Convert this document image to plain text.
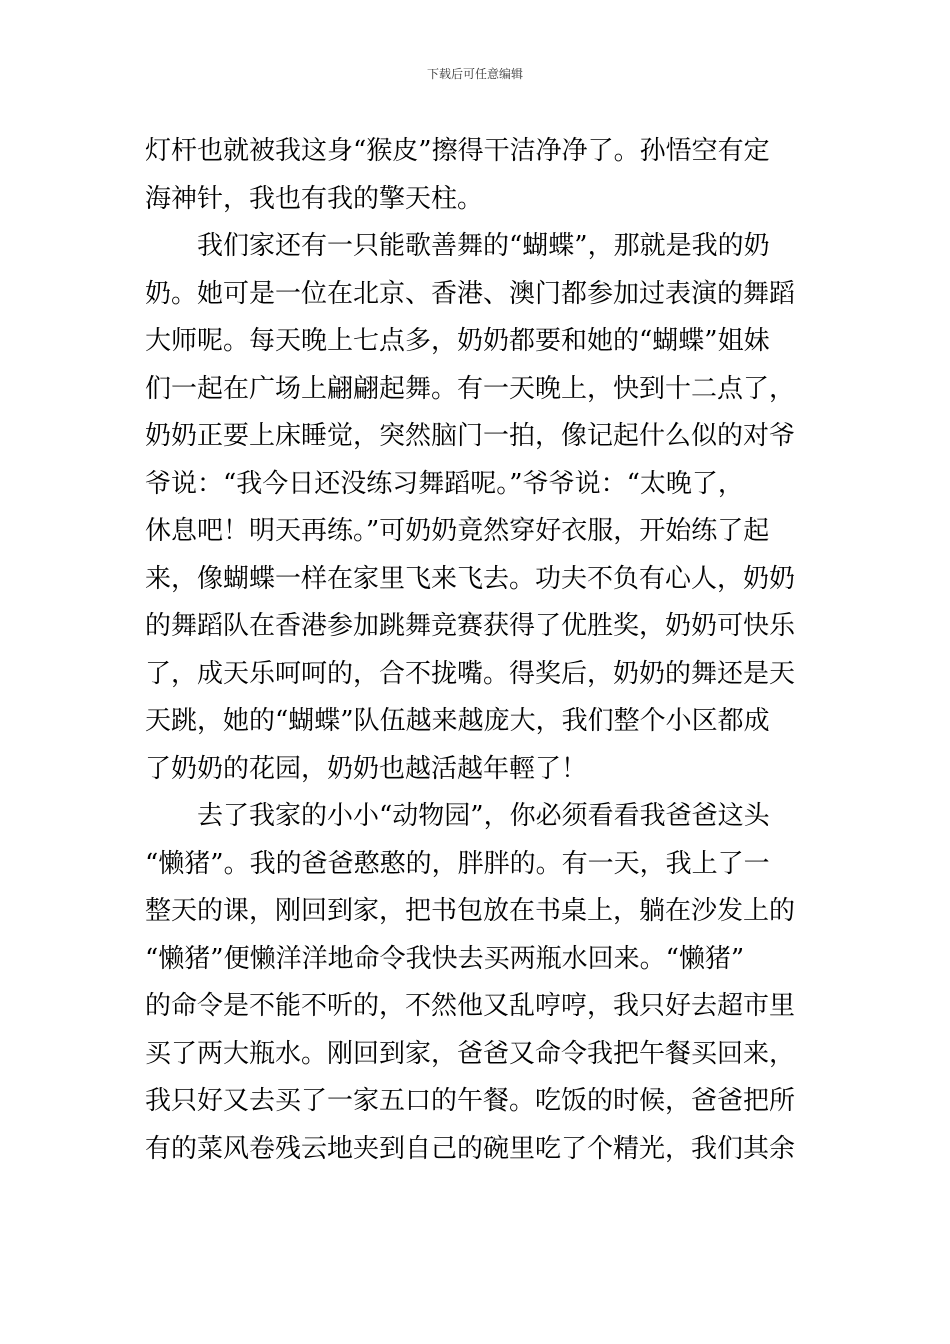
下载后可任意编辑
灯杆也就被我这身“猴皮”擦得干洁净净了。孙悟空有定
海神针，我也有我的擎天柱。
我们家还有一只能歌善舞的“蝴蝶”，那就是我的奶
奶。她可是一位在北京、香港、澳门都参加过表演的舞蹈
大师呢。每天晚上七点多，奶奶都要和她的“蝴蝶”姐妹
们一起在广场上翩翩起舞。有一天晚上，快到十二点了，
奶奶正要上床睡觉，突然脑门一拍，像记起什么似的对爷
爷说：“我今日还没练习舞蹈呢。”爷爷说：“太晚了，
休息吧！明天再练。”可奶奶竟然穿好衣服，开始练了起
来，像蝴蝶一样在家里飞来飞去。功夫不负有心人，奶奶
的舞蹈队在香港参加跳舞竞赛获得了优胜奖，奶奶可快乐
了，成天乐呵呵的，合不拢嘴。得奖后，奶奶的舞还是天
天跳，她的“蝴蝶”队伍越来越庞大，我们整个小区都成
了奶奶的花园，奶奶也越活越年輕了！
去了我家的小小“动物园”，你必须看看我爸爸这头
“懒猪”。我的爸爸憨憨的，胖胖的。有一天，我上了一
整天的课，刚回到家，把书包放在书桌上，躺在沙发上的
“懒猪”便懒洋洋地命令我快去买两瓶水回来。“懒猪”
的命令是不能不听的，不然他又乱哼哼，我只好去超市里
买了两大瓶水。刚回到家，爸爸又命令我把午餐买回来，
我只好又去买了一家五口的午餐。吃饭的时候，爸爸把所
有的菜风卷残云地夹到自己的碗里吃了个精光，我们其余
